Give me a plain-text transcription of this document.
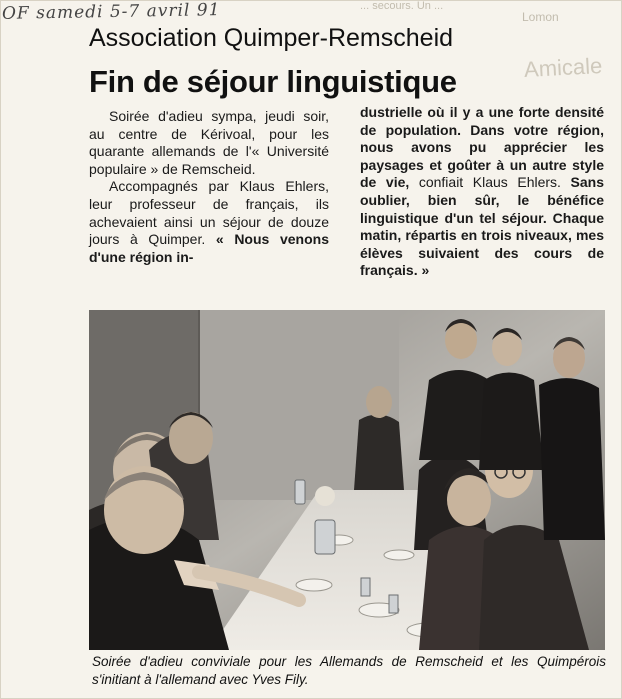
... secours. Un ...
Lomon
Amicale
OF samedi 5-7 avril 91
Association Quimper-Remscheid
Fin de séjour linguistique

Soirée d'adieu sympa, jeudi soir, au centre de Kérivoal, pour les quarante allemands de l'« Université populaire » de Remscheid.

Accompagnés par Klaus Ehlers, leur professeur de français, ils achevaient ainsi un séjour de douze jours à Quimper. « Nous venons d'une région in-

dustrielle où il y a une forte densité de population. Dans votre région, nous avons pu apprécier les paysages et goûter à un autre style de vie, confiait Klaus Ehlers. Sans oublier, bien sûr, le bénéfice linguistique d'un tel séjour. Chaque matin, répartis en trois niveaux, mes élèves suivaient des cours de français. »

Soirée d'adieu conviviale pour les Allemands de Remscheid et les Quimpérois s'initiant à l'allemand avec Yves Fily.
